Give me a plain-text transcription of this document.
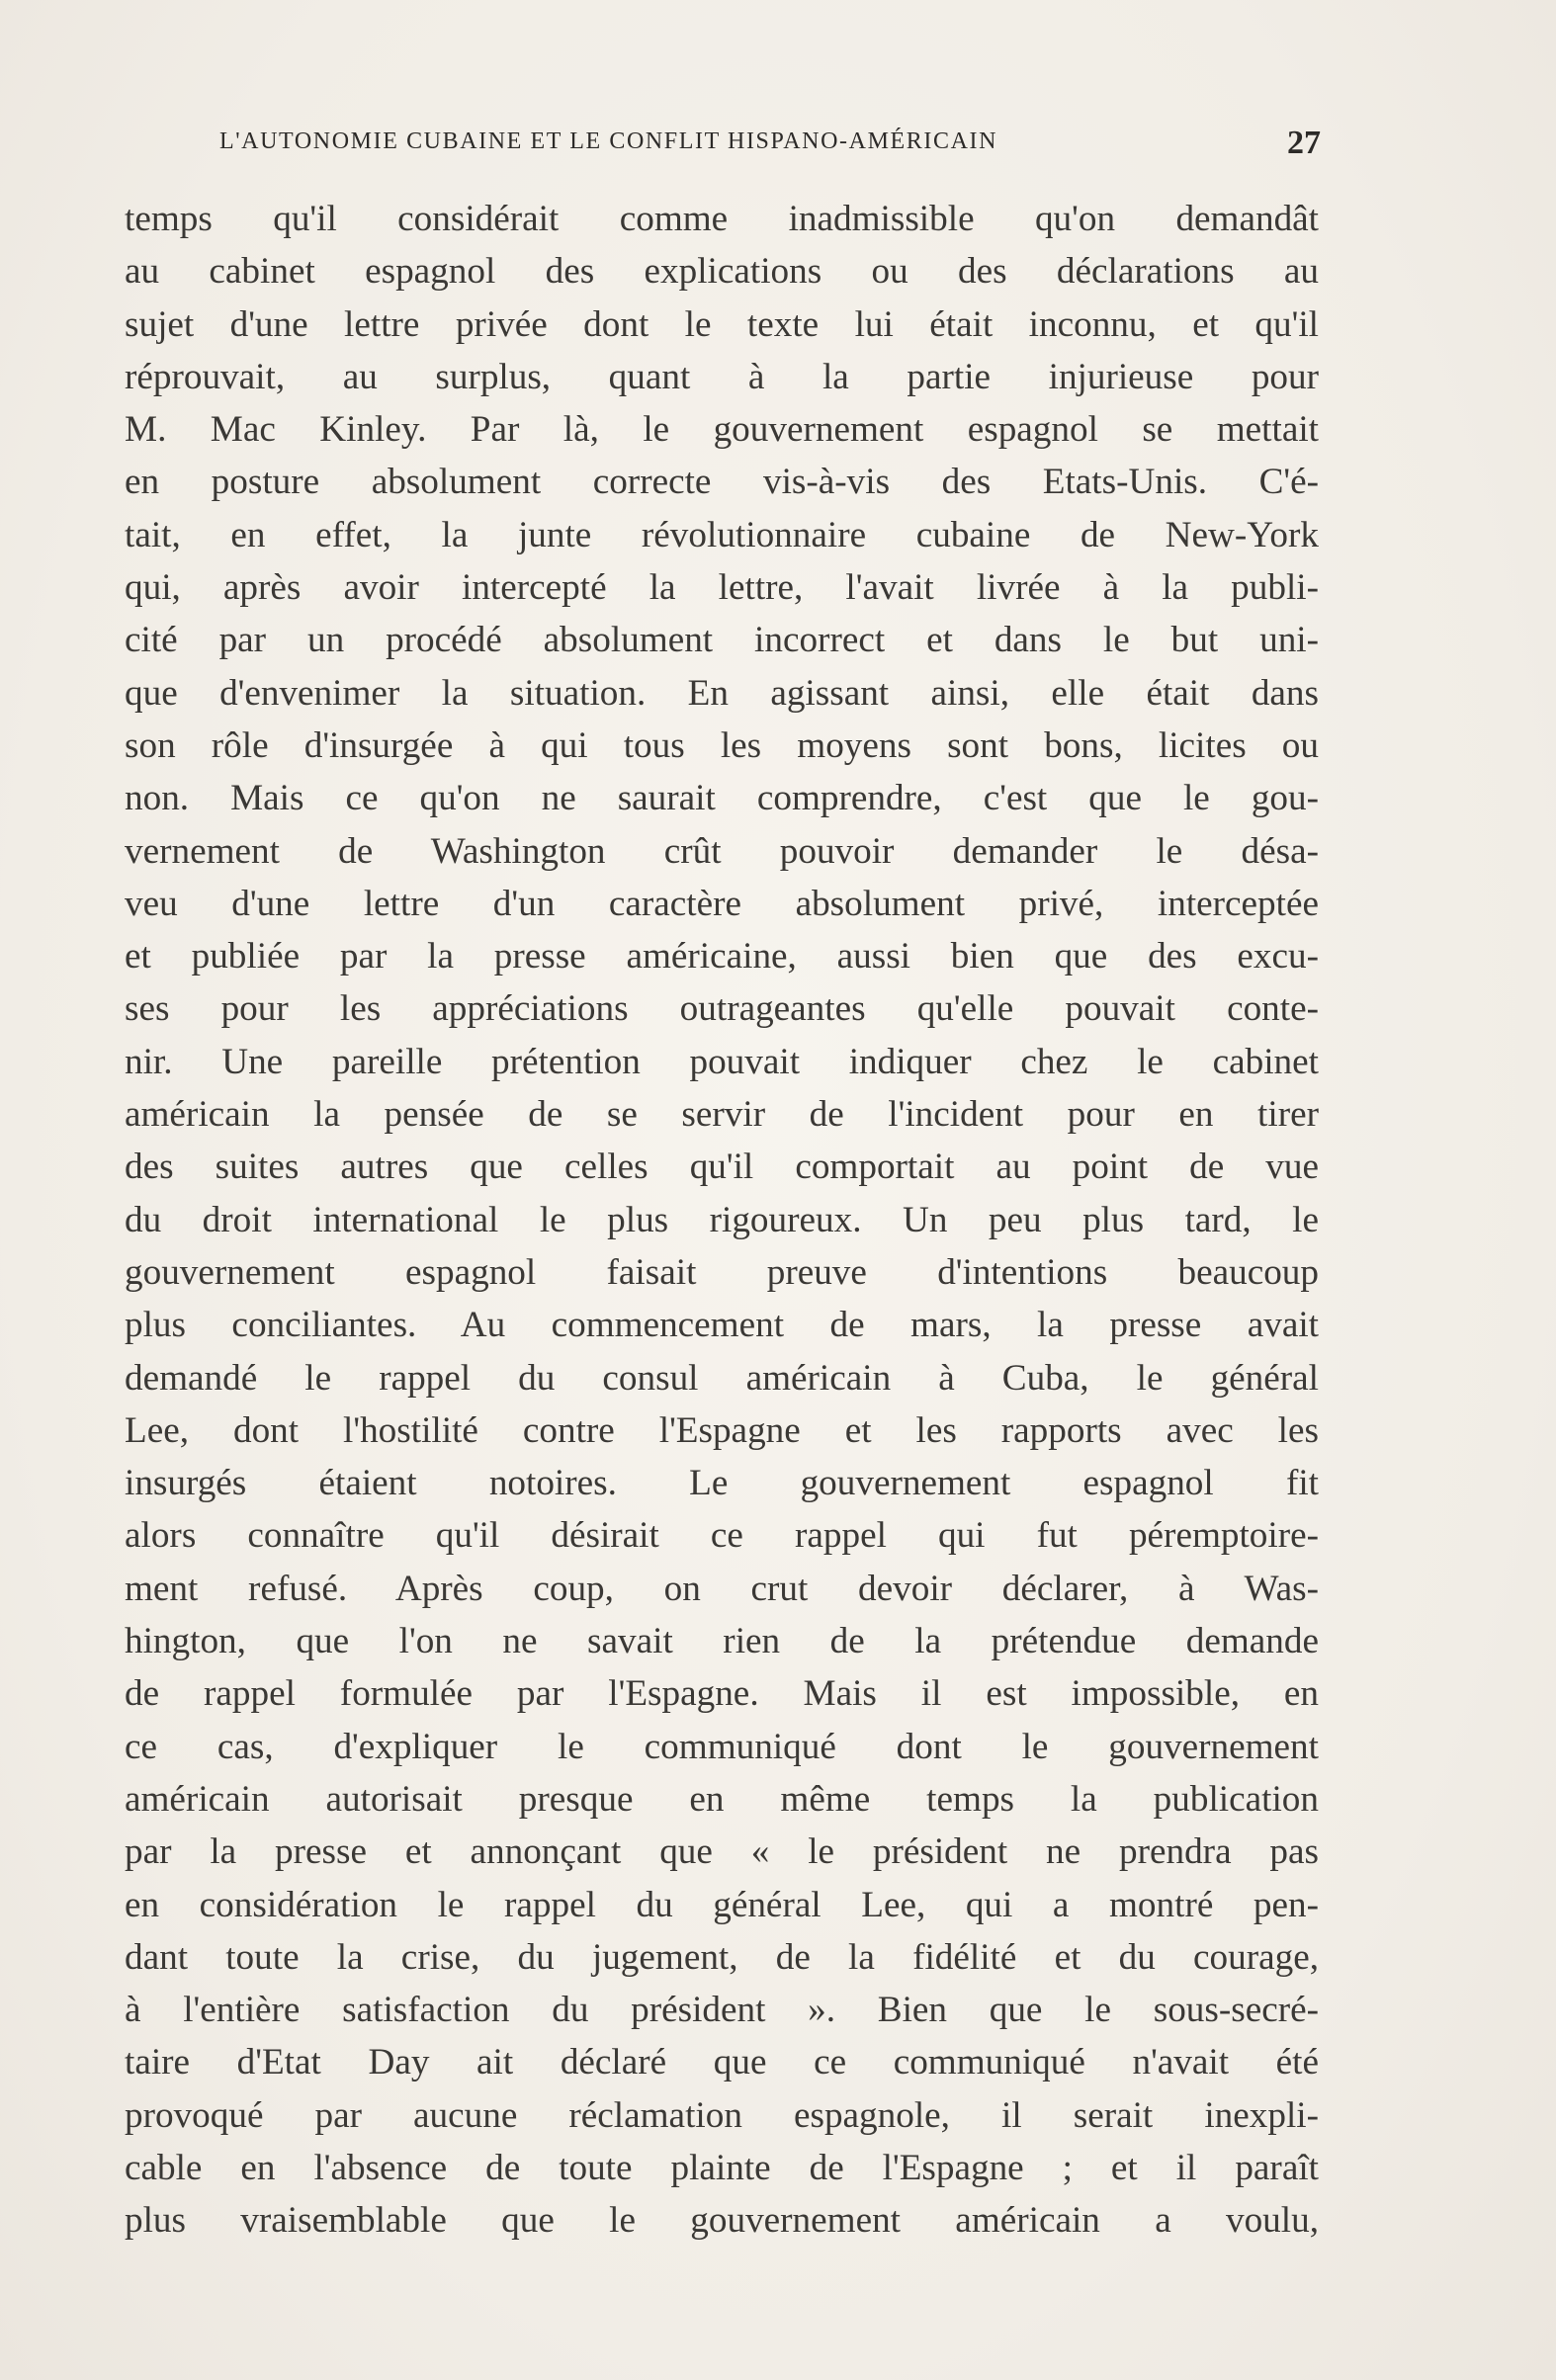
L'AUTONOMIE CUBAINE ET LE CONFLIT HISPANO-AMÉRICAIN	27
temps qu'il considérait comme inadmissible qu'on demandât
au cabinet espagnol des explications ou des déclarations au
sujet d'une lettre privée dont le texte lui était inconnu, et qu'il
réprouvait, au surplus, quant à la partie injurieuse pour
M. Mac Kinley. Par là, le gouvernement espagnol se mettait
en posture absolument correcte vis-à-vis des Etats-Unis. C'é-
tait, en effet, la junte révolutionnaire cubaine de New-York
qui, après avoir intercepté la lettre, l'avait livrée à la publi-
cité par un procédé absolument incorrect et dans le but uni-
que d'envenimer la situation. En agissant ainsi, elle était dans
son rôle d'insurgée à qui tous les moyens sont bons, licites ou
non. Mais ce qu'on ne saurait comprendre, c'est que le gou-
vernement de Washington crût pouvoir demander le désa-
veu d'une lettre d'un caractère absolument privé, interceptée
et publiée par la presse américaine, aussi bien que des excu-
ses pour les appréciations outrageantes qu'elle pouvait conte-
nir. Une pareille prétention pouvait indiquer chez le cabinet
américain la pensée de se servir de l'incident pour en tirer
des suites autres que celles qu'il comportait au point de vue
du droit international le plus rigoureux. Un peu plus tard, le
gouvernement espagnol faisait preuve d'intentions beaucoup
plus conciliantes. Au commencement de mars, la presse avait
demandé le rappel du consul américain à Cuba, le général
Lee, dont l'hostilité contre l'Espagne et les rapports avec les
insurgés étaient notoires. Le gouvernement espagnol fit
alors connaître qu'il désirait ce rappel qui fut péremptoire-
ment refusé. Après coup, on crut devoir déclarer, à Was-
hington, que l'on ne savait rien de la prétendue demande
de rappel formulée par l'Espagne. Mais il est impossible, en
ce cas, d'expliquer le communiqué dont le gouvernement
américain autorisait presque en même temps la publication
par la presse et annonçant que « le président ne prendra pas
en considération le rappel du général Lee, qui a montré pen-
dant toute la crise, du jugement, de la fidélité et du courage,
à l'entière satisfaction du président ». Bien que le sous-secré-
taire d'Etat Day ait déclaré que ce communiqué n'avait été
provoqué par aucune réclamation espagnole, il serait inexpli-
cable en l'absence de toute plainte de l'Espagne ; et il paraît
plus vraisemblable que le gouvernement américain a voulu,
